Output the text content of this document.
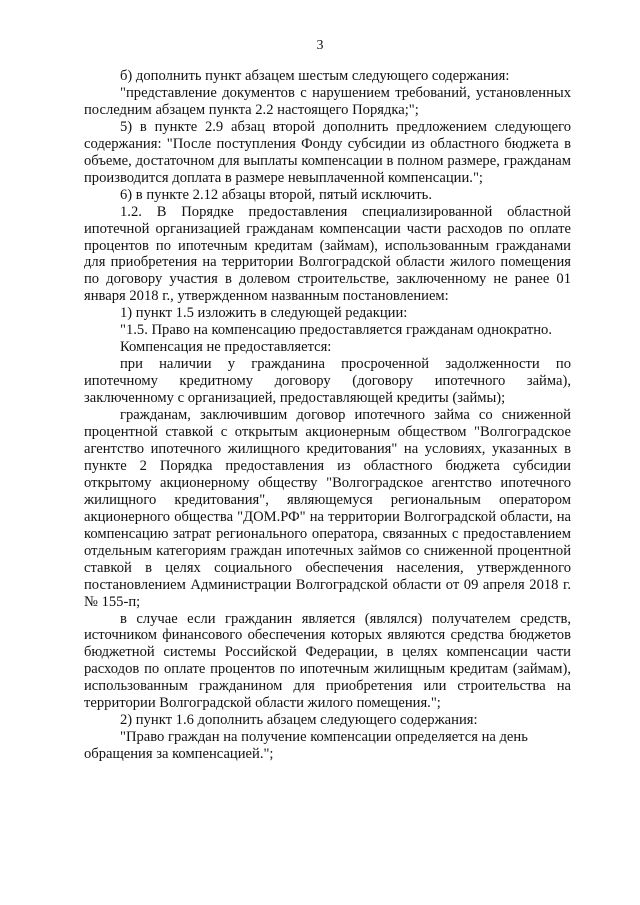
3

б) дополнить пункт абзацем шестым следующего содержания:

"представление документов с нарушением требований, установленных последним абзацем пункта 2.2 настоящего Порядка;";

5) в пункте 2.9 абзац второй дополнить предложением следующего содержания: "После поступления Фонду субсидии из областного бюджета в объеме, достаточном для выплаты компенсации в полном размере, гражданам производится доплата в размере невыплаченной компенсации.";

6) в пункте 2.12 абзацы второй, пятый исключить.

1.2. В Порядке предоставления специализированной областной ипотечной организацией гражданам компенсации части расходов по оплате процентов по ипотечным кредитам (займам), использованным гражданами для приобретения на территории Волгоградской области жилого помещения по договору участия в долевом строительстве, заключенному не ранее 01 января 2018 г., утвержденном названным постановлением:

1) пункт 1.5 изложить в следующей редакции:

"1.5. Право на компенсацию предоставляется гражданам однократно.

Компенсация не предоставляется:

при наличии у гражданина просроченной задолженности по ипотечному кредитному договору (договору ипотечного займа), заключенному с организацией, предоставляющей кредиты (займы);

гражданам, заключившим договор ипотечного займа со сниженной процентной ставкой с открытым акционерным обществом "Волгоградское агентство ипотечного жилищного кредитования" на условиях, указанных в пункте 2 Порядка предоставления из областного бюджета субсидии открытому акционерному обществу "Волгоградское агентство ипотечного жилищного кредитования", являющемуся региональным оператором акционерного общества "ДОМ.РФ" на территории Волгоградской области, на компенсацию затрат регионального оператора, связанных с предоставлением отдельным категориям граждан ипотечных займов со сниженной процентной ставкой в целях социального обеспечения населения, утвержденного постановлением Администрации Волгоградской области от 09 апреля 2018 г. № 155-п;

в случае если гражданин является (являлся) получателем средств, источником финансового обеспечения которых являются средства бюджетов бюджетной системы Российской Федерации, в целях компенсации части расходов по оплате процентов по ипотечным жилищным кредитам (займам), использованным гражданином для приобретения или строительства на территории Волгоградской области жилого помещения.";

2) пункт 1.6 дополнить абзацем следующего содержания:

"Право граждан на получение компенсации определяется на день обращения за компенсацией.";
